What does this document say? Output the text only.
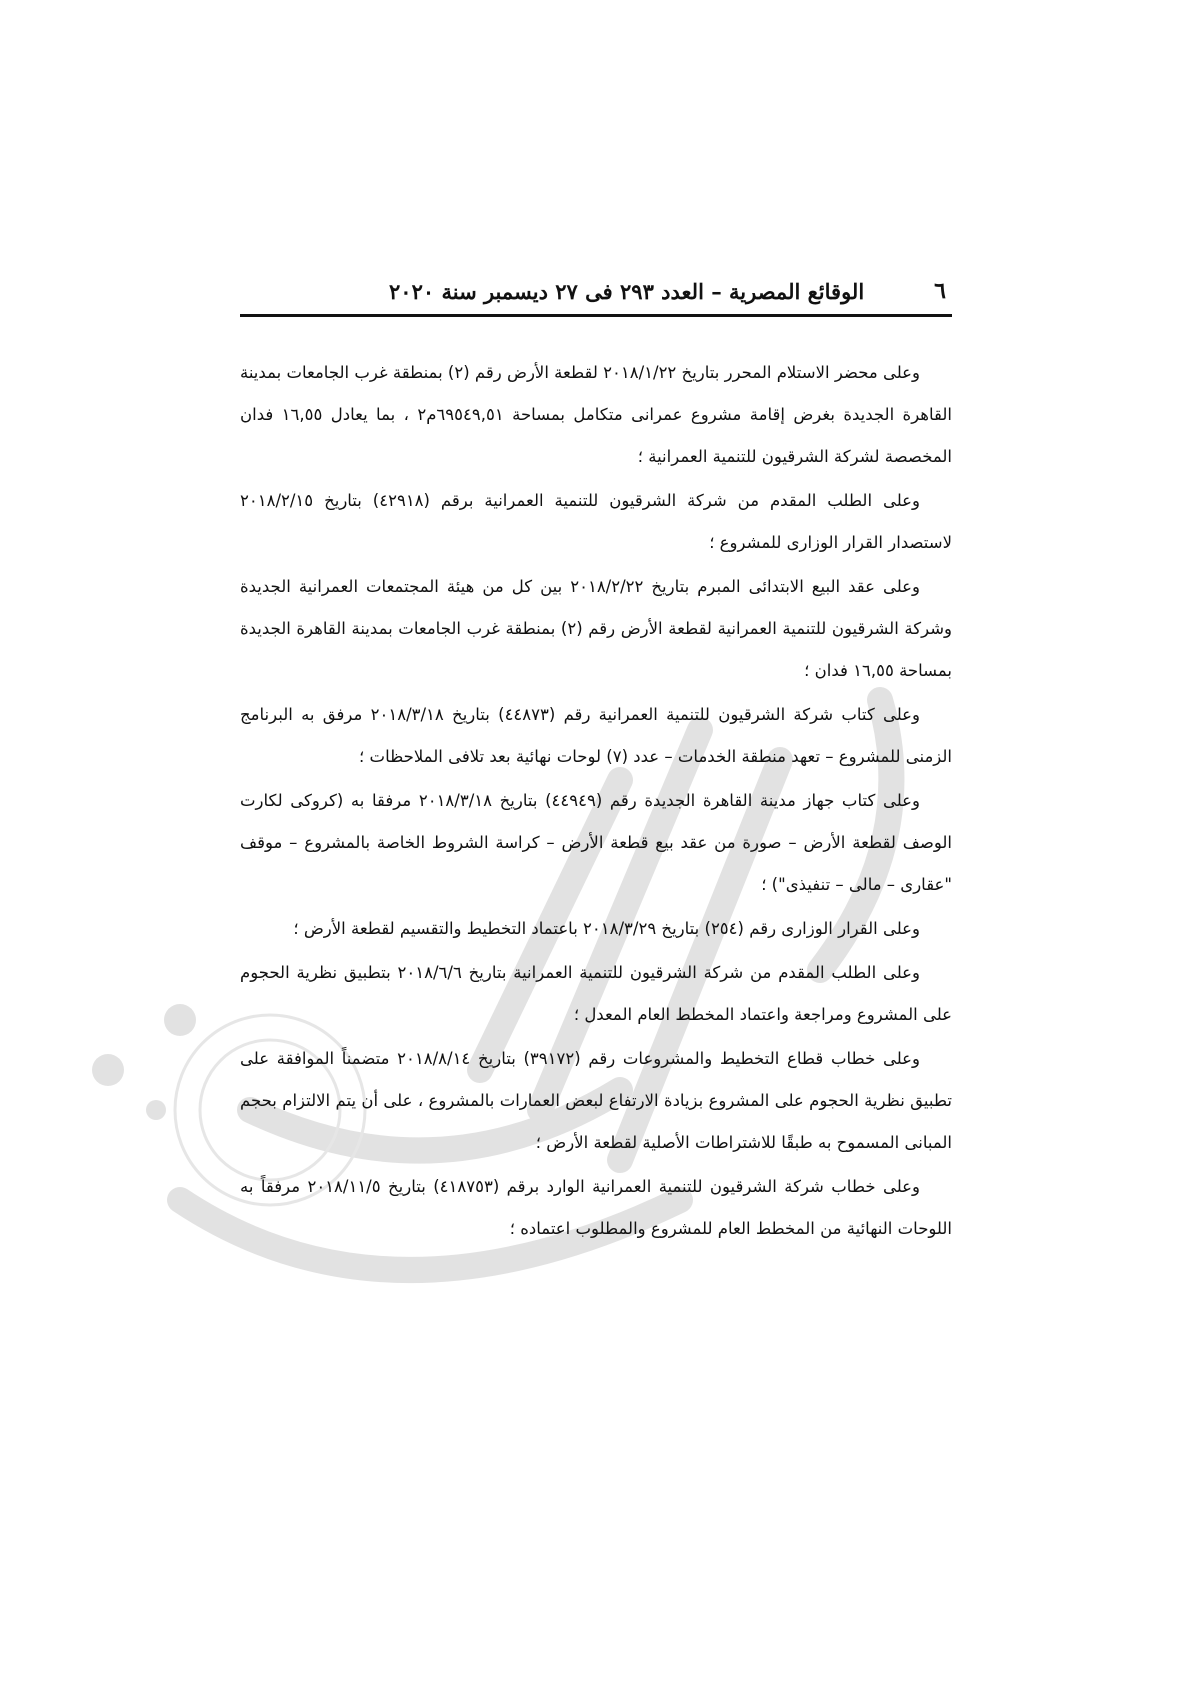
٦
الوقائع المصرية – العدد ٢٩٣ فى ٢٧ ديسمبر سنة ٢٠٢٠

وعلى محضر الاستلام المحرر بتاريخ ٢٠١٨/١/٢٢ لقطعة الأرض رقم (٢) بمنطقة غرب الجامعات بمدينة القاهرة الجديدة بغرض إقامة مشروع عمرانى متكامل بمساحة ٦٩٥٤٩,٥١م٢ ، بما يعادل ١٦,٥٥ فدان المخصصة لشركة الشرقيون للتنمية العمرانية ؛

وعلى الطلب المقدم من شركة الشرقيون للتنمية العمرانية برقم (٤٢٩١٨) بتاريخ ٢٠١٨/٢/١٥ لاستصدار القرار الوزارى للمشروع ؛

وعلى عقد البيع الابتدائى المبرم بتاريخ ٢٠١٨/٢/٢٢ بين كل من هيئة المجتمعات العمرانية الجديدة وشركة الشرقيون للتنمية العمرانية لقطعة الأرض رقم (٢) بمنطقة غرب الجامعات بمدينة القاهرة الجديدة بمساحة ١٦,٥٥ فدان ؛

وعلى كتاب شركة الشرقيون للتنمية العمرانية رقم (٤٤٨٧٣) بتاريخ ٢٠١٨/٣/١٨ مرفق به البرنامج الزمنى للمشروع – تعهد منطقة الخدمات – عدد (٧) لوحات نهائية بعد تلافى الملاحظات ؛

وعلى كتاب جهاز مدينة القاهرة الجديدة رقم (٤٤٩٤٩) بتاريخ ٢٠١٨/٣/١٨ مرفقا به (كروكى لكارت الوصف لقطعة الأرض – صورة من عقد بيع قطعة الأرض – كراسة الشروط الخاصة بالمشروع – موقف "عقارى – مالى – تنفيذى") ؛

وعلى القرار الوزارى رقم (٢٥٤) بتاريخ ٢٠١٨/٣/٢٩ باعتماد التخطيط والتقسيم لقطعة الأرض ؛

وعلى الطلب المقدم من شركة الشرقيون للتنمية العمرانية بتاريخ ٢٠١٨/٦/٦ بتطبيق نظرية الحجوم على المشروع ومراجعة واعتماد المخطط العام المعدل ؛

وعلى خطاب قطاع التخطيط والمشروعات رقم (٣٩١٧٢) بتاريخ ٢٠١٨/٨/١٤ متضمناً الموافقة على تطبيق نظرية الحجوم على المشروع بزيادة الارتفاع لبعض العمارات بالمشروع ، على أن يتم الالتزام بحجم المبانى المسموح به طبقًا للاشتراطات الأصلية لقطعة الأرض ؛

وعلى خطاب شركة الشرقيون للتنمية العمرانية الوارد برقم (٤١٨٧٥٣) بتاريخ ٢٠١٨/١١/٥ مرفقاً به اللوحات النهائية من المخطط العام للمشروع والمطلوب اعتماده ؛
